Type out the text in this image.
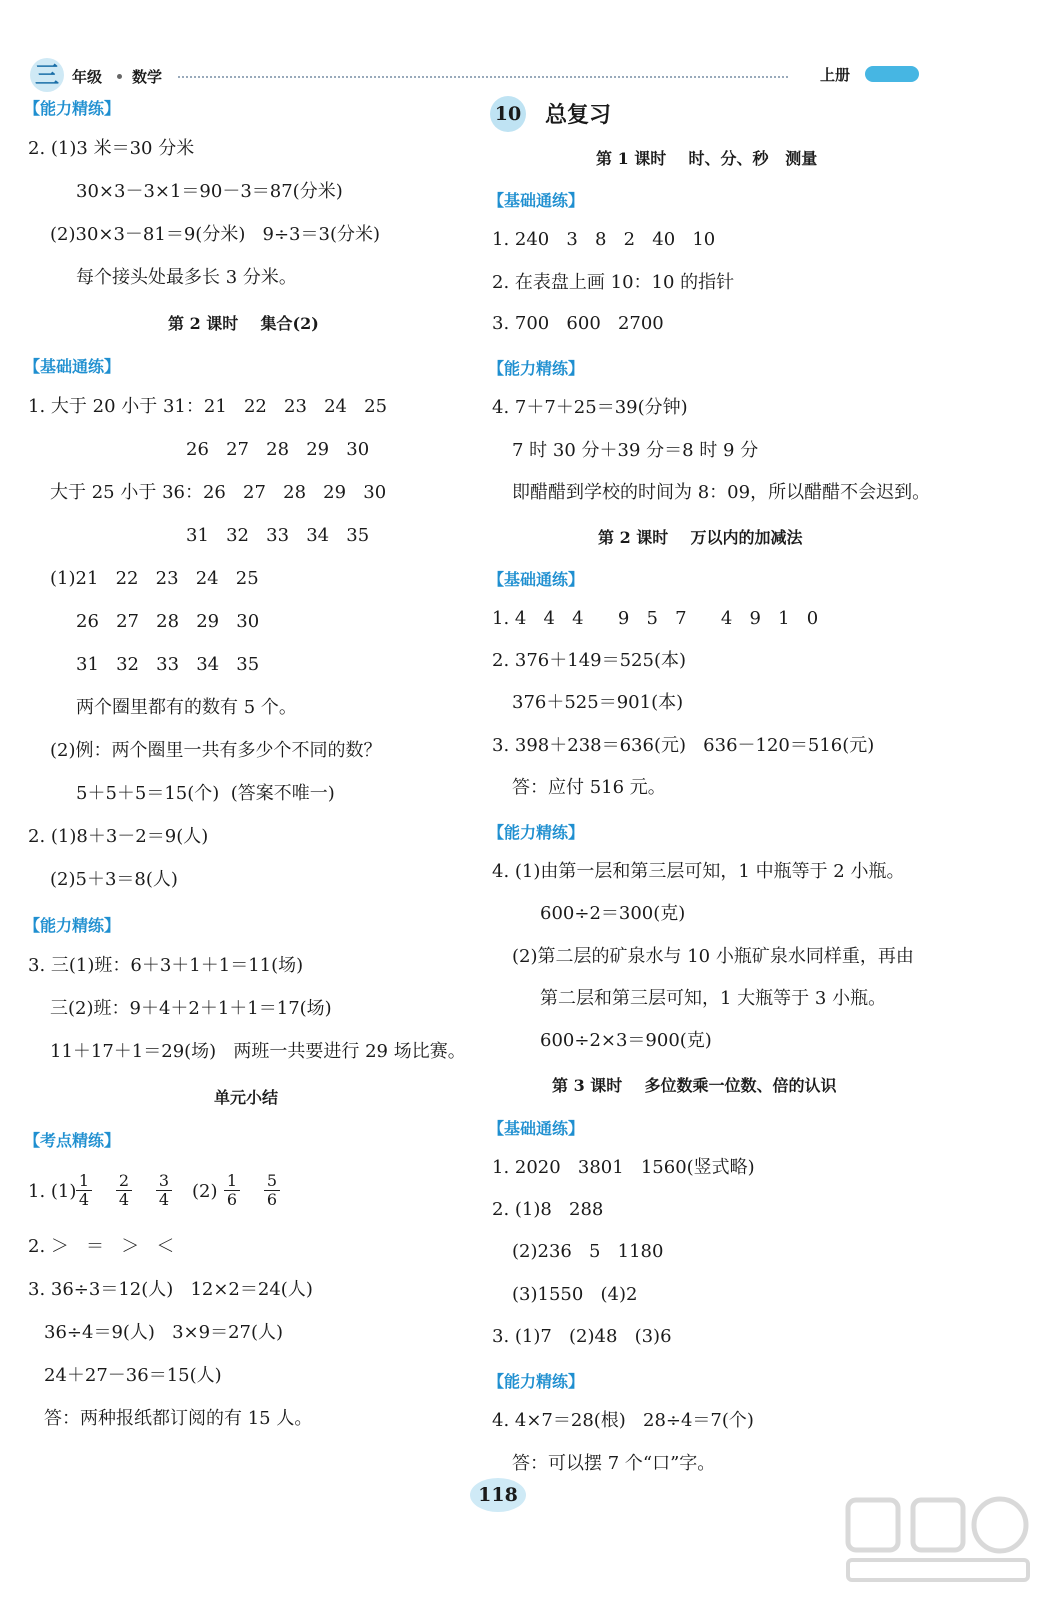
三 年级 数学	上册
【能力精练】
2. (1)3 米＝30 分米
30×3－3×1＝90－3＝87(分米)
(2)30×3－81＝9(分米)   9÷3＝3(分米)
每个接头处最多长 3 分米。
第 2 课时    集合(2)
【基础通练】
1. 大于 20 小于 31：21   22   23   24   25
26   27   28   29   30
大于 25 小于 36：26   27   28   29   30
31   32   33   34   35
(1)21   22   23   24   25
26   27   28   29   30
31   32   33   34   35
两个圈里都有的数有 5 个。
(2)例：两个圈里一共有多少个不同的数？
5＋5＋5＝15(个)  (答案不唯一)
2. (1)8＋3－2＝9(人)
(2)5＋3＝8(人)
【能力精练】
3. 三(1)班：6＋3＋1＋1＝11(场)
三(2)班：9＋4＋2＋1＋1＝17(场)
11＋17＋1＝29(场)   两班一共要进行 29 场比赛。
单元小结
【考点精练】
1. $(1) \frac{1}{4} \frac{2}{4} \frac{3}{4} (2) \frac{1}{6} \frac{5}{6}$
2. ＞   ＝   ＞   ＜
3. 36÷3＝12(人)   12×2＝24(人)
36÷4＝9(人)   3×9＝27(人)
24＋27－36＝15(人)
答：两种报纸都订阅的有 15 人。
10 总复习
第 1 课时    时、分、秒   测量
【基础通练】
1. 240   3   8   2   40   10
2. 在表盘上画 10：10 的指针
3. 700   600   2700
【能力精练】
4. 7＋7＋25＝39(分钟)
7 时 30 分＋39 分＝8 时 9 分
即醋醋到学校的时间为 8：09，所以醋醋不会迟到。
第 2 课时    万以内的加减法
【基础通练】
1. 4   4   4      9   5   7      4   9   1   0
2. 376＋149＝525(本)
376＋525＝901(本)
3. 398＋238＝636(元)   636－120＝516(元)
答：应付 516 元。
【能力精练】
4. (1)由第一层和第三层可知，1 中瓶等于 2 小瓶。
600÷2＝300(克)
(2)第二层的矿泉水与 10 小瓶矿泉水同样重，再由
第二层和第三层可知，1 大瓶等于 3 小瓶。
600÷2×3＝900(克)
第 3 课时    多位数乘一位数、倍的认识
【基础通练】
1. 2020   3801   1560(竖式略)
2. (1)8   288
(2)236   5   1180
(3)1550   (4)2
3. (1)7   (2)48   (3)6
【能力精练】
4. 4×7＝28(根)   28÷4＝7(个)
答：可以摆 7 个“口”字。
118
